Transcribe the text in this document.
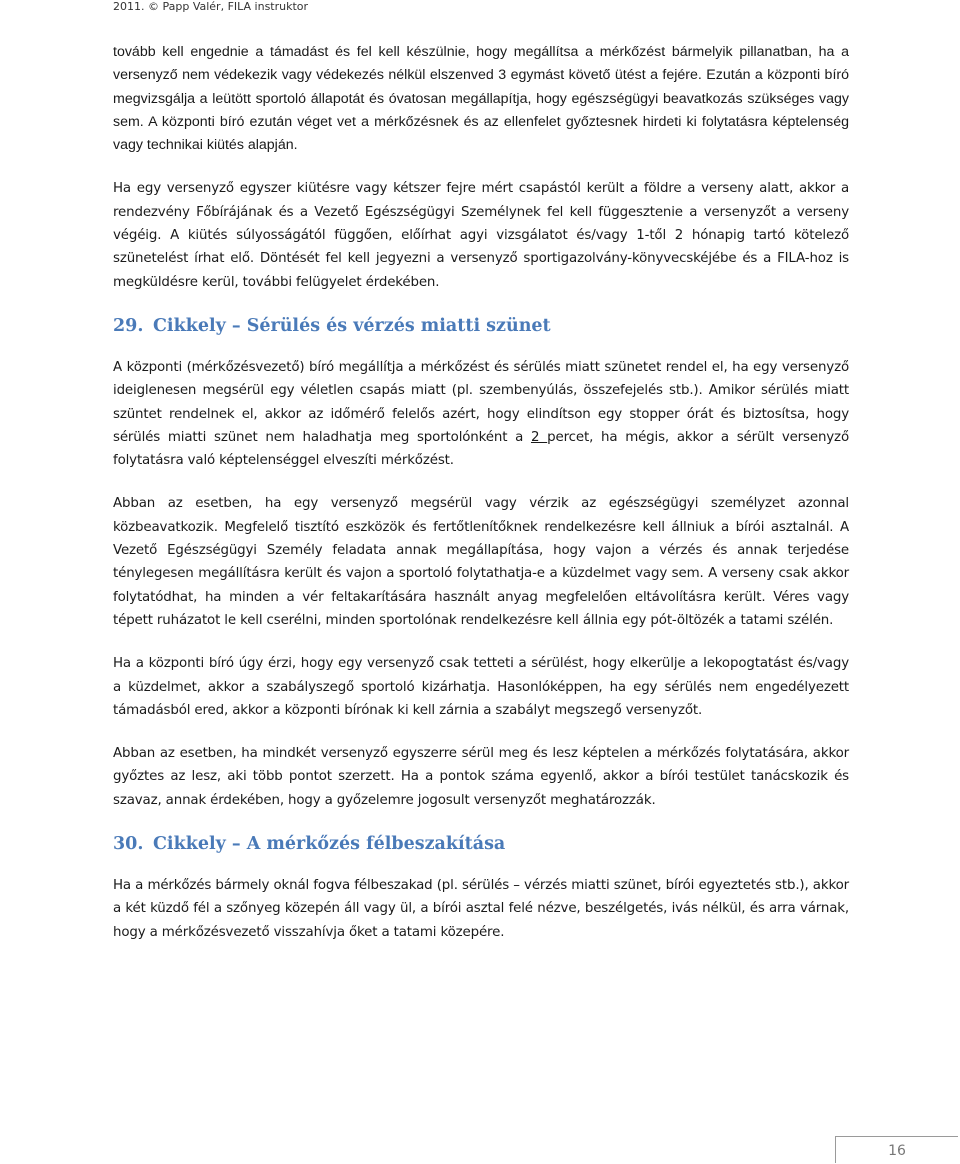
2011. © Papp Valér, FILA instruktor

tovább kell engednie a támadást és fel kell készülnie, hogy megállítsa a mérkőzést bármelyik pillanatban, ha a versenyző nem védekezik vagy védekezés nélkül elszenved 3 egymást követő ütést a fejére. Ezután a központi bíró megvizsgálja a leütött sportoló állapotát és óvatosan megállapítja, hogy egészségügyi beavatkozás szükséges vagy sem. A központi bíró ezután véget vet a mérkőzésnek és az ellenfelet győztesnek hirdeti ki folytatásra képtelenség vagy technikai kiütés alapján.

Ha egy versenyző egyszer kiütésre vagy kétszer fejre mért csapástól került a földre a verseny alatt, akkor a rendezvény Főbírájának és a Vezető Egészségügyi Személynek fel kell függesztenie a versenyzőt a verseny végéig. A kiütés súlyosságától függően, előírhat agyi vizsgálatot és/vagy 1-től 2 hónapig tartó kötelező szünetelést írhat elő. Döntését fel kell jegyezni a versenyző sportigazolvány-könyvecskéjébe és a FILA-hoz is megküldésre kerül, további felügyelet érdekében.

29. Cikkely – Sérülés és vérzés miatti szünet

A központi (mérkőzésvezető) bíró megállítja a mérkőzést és sérülés miatt szünetet rendel el, ha egy versenyző ideiglenesen megsérül egy véletlen csapás miatt (pl. szembenyúlás, összefejelés stb.). Amikor sérülés miatt szüntet rendelnek el, akkor az időmérő felelős azért, hogy elindítson egy stopper órát és biztosítsa, hogy sérülés miatti szünet nem haladhatja meg sportolónként a 2 percet, ha mégis, akkor a sérült versenyző folytatásra való képtelenséggel elveszíti mérkőzést.

Abban az esetben, ha egy versenyző megsérül vagy vérzik az egészségügyi személyzet azonnal közbeavatkozik. Megfelelő tisztító eszközök és fertőtlenítőknek rendelkezésre kell állniuk a bírói asztalnál. A Vezető Egészségügyi Személy feladata annak megállapítása, hogy vajon a vérzés és annak terjedése ténylegesen megállításra került és vajon a sportoló folytathatja-e a küzdelmet vagy sem. A verseny csak akkor folytatódhat, ha minden a vér feltakarítására használt anyag megfelelően eltávolításra került. Véres vagy tépett ruházatot le kell cserélni, minden sportolónak rendelkezésre kell állnia egy pót-öltözék a tatami szélén.

Ha a központi bíró úgy érzi, hogy egy versenyző csak tetteti a sérülést, hogy elkerülje a lekopogtatást és/vagy a küzdelmet, akkor a szabályszegő sportoló kizárhatja. Hasonlóképpen, ha egy sérülés nem engedélyezett támadásból ered, akkor a központi bírónak ki kell zárnia a szabályt megszegő versenyzőt.

Abban az esetben, ha mindkét versenyző egyszerre sérül meg és lesz képtelen a mérkőzés folytatására, akkor győztes az lesz, aki több pontot szerzett. Ha a pontok száma egyenlő, akkor a bírói testület tanácskozik és szavaz, annak érdekében, hogy a győzelemre jogosult versenyzőt meghatározzák.

30. Cikkely – A mérkőzés félbeszakítása

Ha a mérkőzés bármely oknál fogva félbeszakad (pl. sérülés – vérzés miatti szünet, bírói egyeztetés stb.), akkor a két küzdő fél a szőnyeg közepén áll vagy ül, a bírói asztal felé nézve, beszélgetés, ivás nélkül, és arra várnak, hogy a mérkőzésvezető visszahívja őket a tatami közepére.

16
